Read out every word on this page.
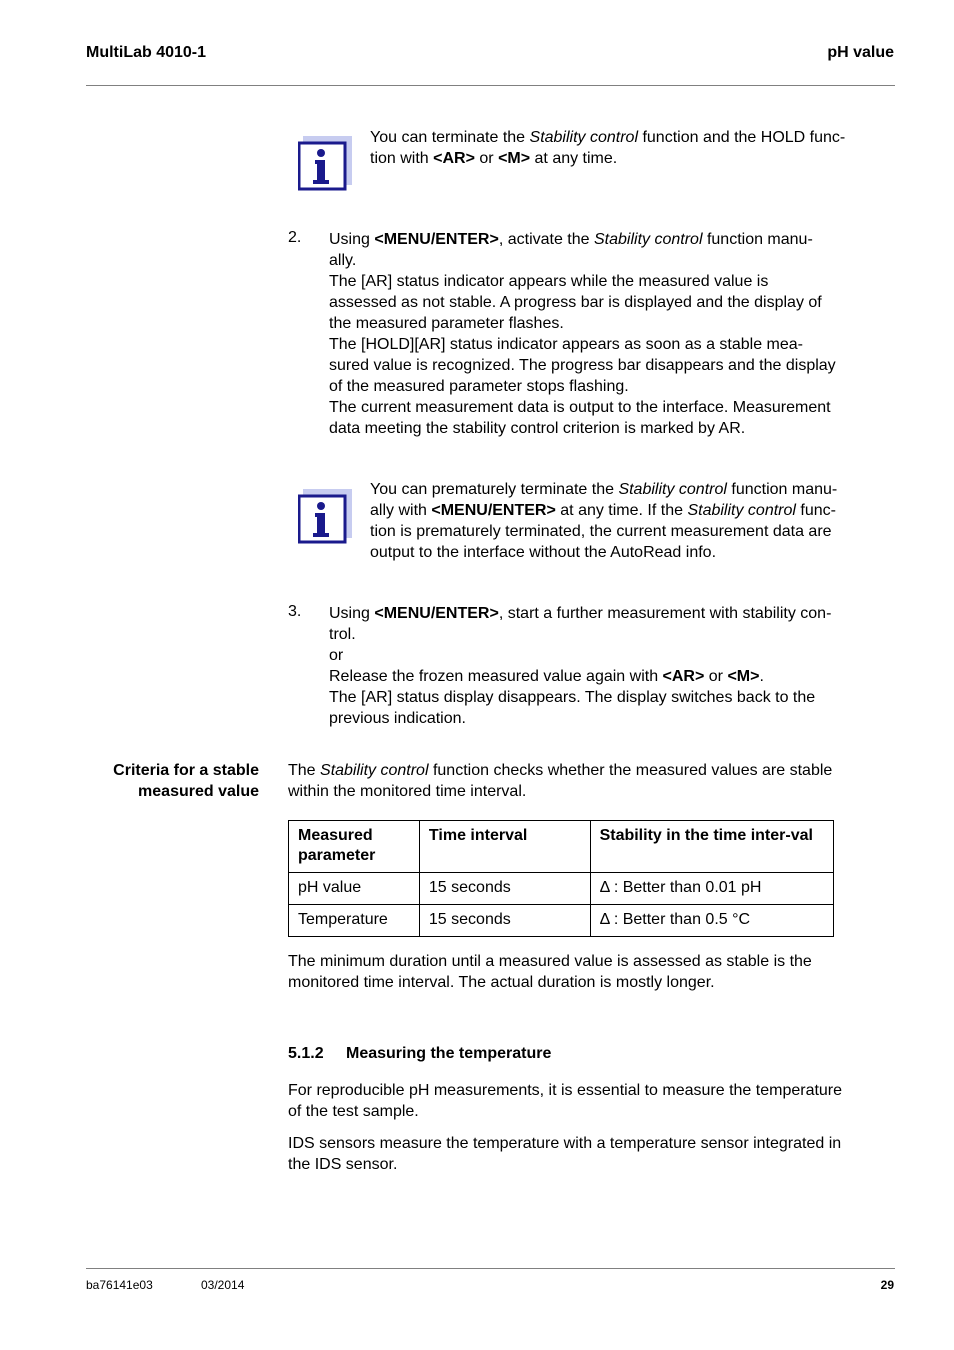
MultiLab 4010-1	pH value
You can terminate the Stability control function and the HOLD func-
tion with <AR> or <M> at any time.
2. Using <MENU/ENTER>, activate the Stability control function manu-

ally.

The [AR] status indicator appears while the measured value is

assessed as not stable. A progress bar is displayed and the display of

the measured parameter flashes.

The [HOLD][AR] status indicator appears as soon as a stable mea-

sured value is recognized. The progress bar disappears and the display

of the measured parameter stops flashing.

The current measurement data is output to the interface. Measurement

data meeting the stability control criterion is marked by AR.

You can prematurely terminate the Stability control function manu-
ally with <MENU/ENTER> at any time. If the Stability control func-
tion is prematurely terminated, the current measurement data are
output to the interface without the AutoRead info.
3. Using <MENU/ENTER>, start a further measurement with stability con-

trol.

or

Release the frozen measured value again with <AR> or <M>.

The [AR] status display disappears. The display switches back to the

previous indication.

Criteria for a stable
measured value
The Stability control function checks whether the measured values are stable
within the monitored time interval.
Measured parameter	Time interval	Stability in the time inter-val
pH value	15 seconds	Δ : Better than 0.01 pH
Temperature	15 seconds	Δ : Better than 0.5 °C
The minimum duration until a measured value is assessed as stable is the
monitored time interval. The actual duration is mostly longer.
5.1.2 Measuring the temperature
For reproducible pH measurements, it is essential to measure the temperature
of the test sample.
IDS sensors measure the temperature with a temperature sensor integrated in
the IDS sensor.
ba76141e03	03/2014	29
